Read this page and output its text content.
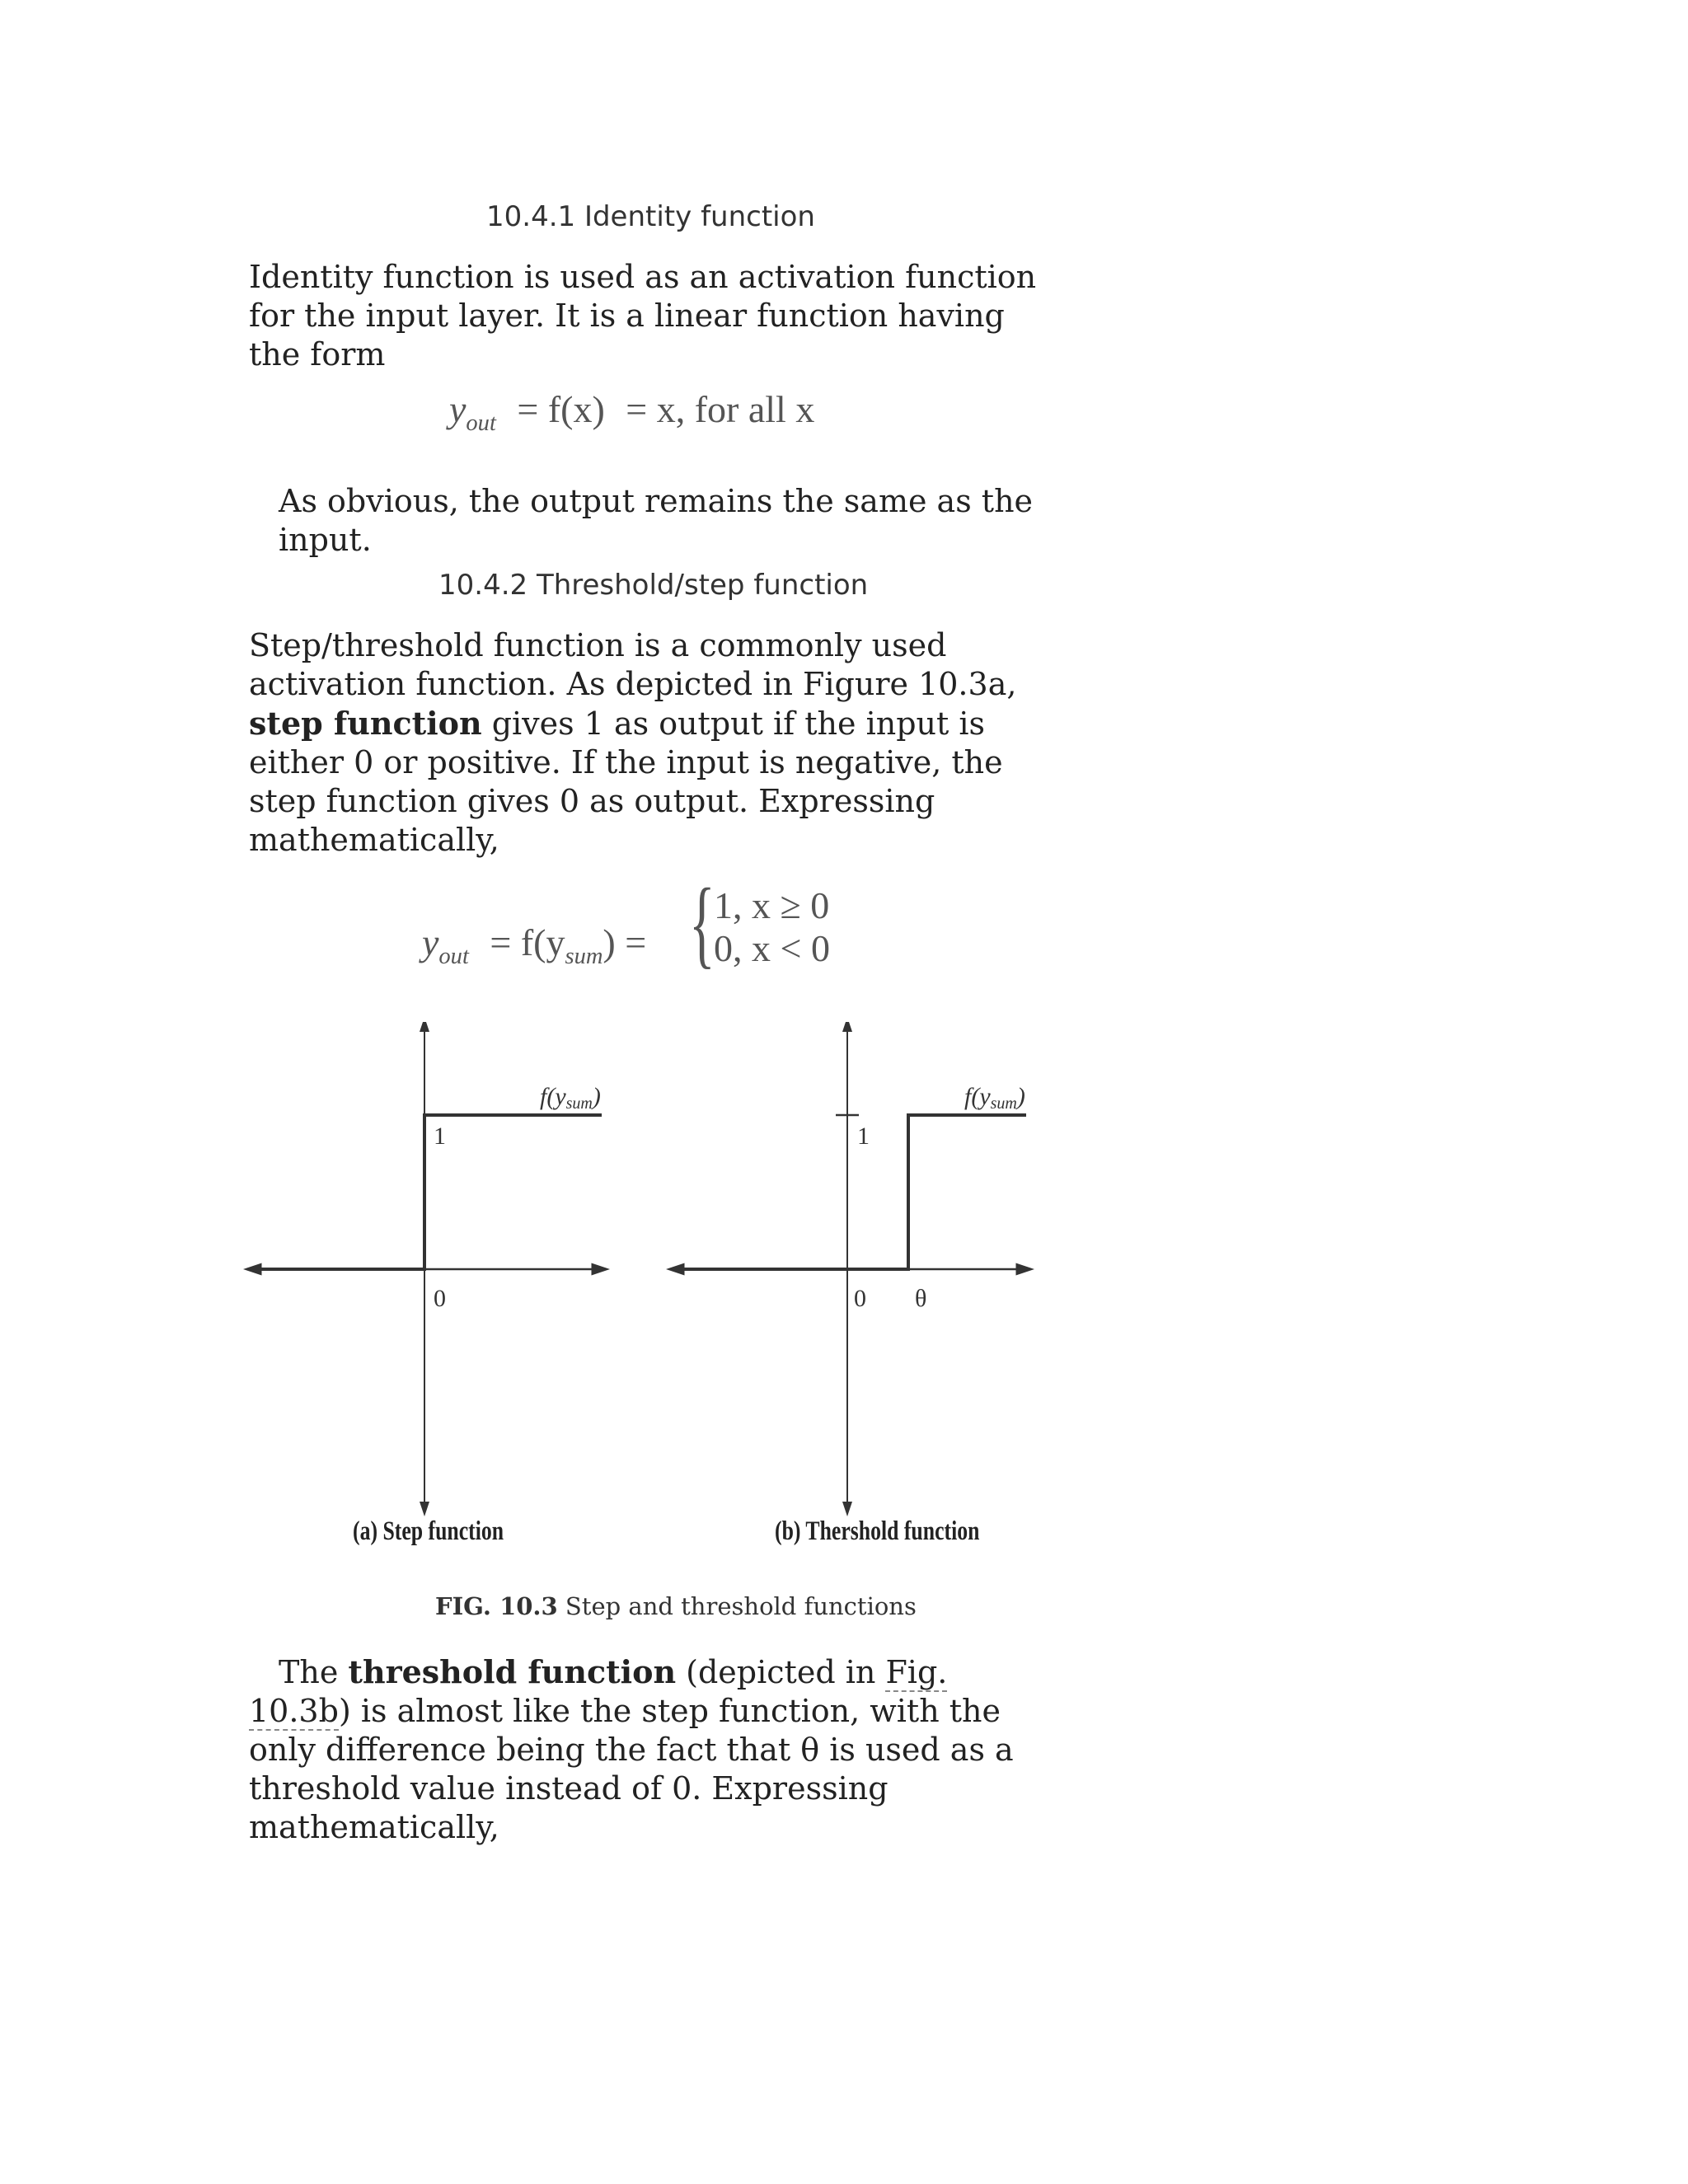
10.4.1 Identity function

Identity function is used as an activation function for the input layer. It is a linear function having the form

$y_{out} = f(x) = x$, for all x

As obvious, the output remains the same as the input.

10.4.2 Threshold/step function

Step/threshold function is a commonly used activation function. As depicted in Figure 10.3a, step function gives 1 as output if the input is either 0 or positive. If the input is negative, the step function gives 0 as output. Expressing mathematically,

$y_{out} = f(y_{sum})$ = {
1, x ≥ 0
0, x < 0
f(ysum)
1
0
f(ysum)
1
0 θ
(a) Step function	(b) Thershold function
FIG. 10.3 Step and threshold functions

The threshold function (depicted in Fig. 10.3b) is almost like the step function, with the only difference being the fact that θ is used as a threshold value instead of 0. Expressing mathematically,
